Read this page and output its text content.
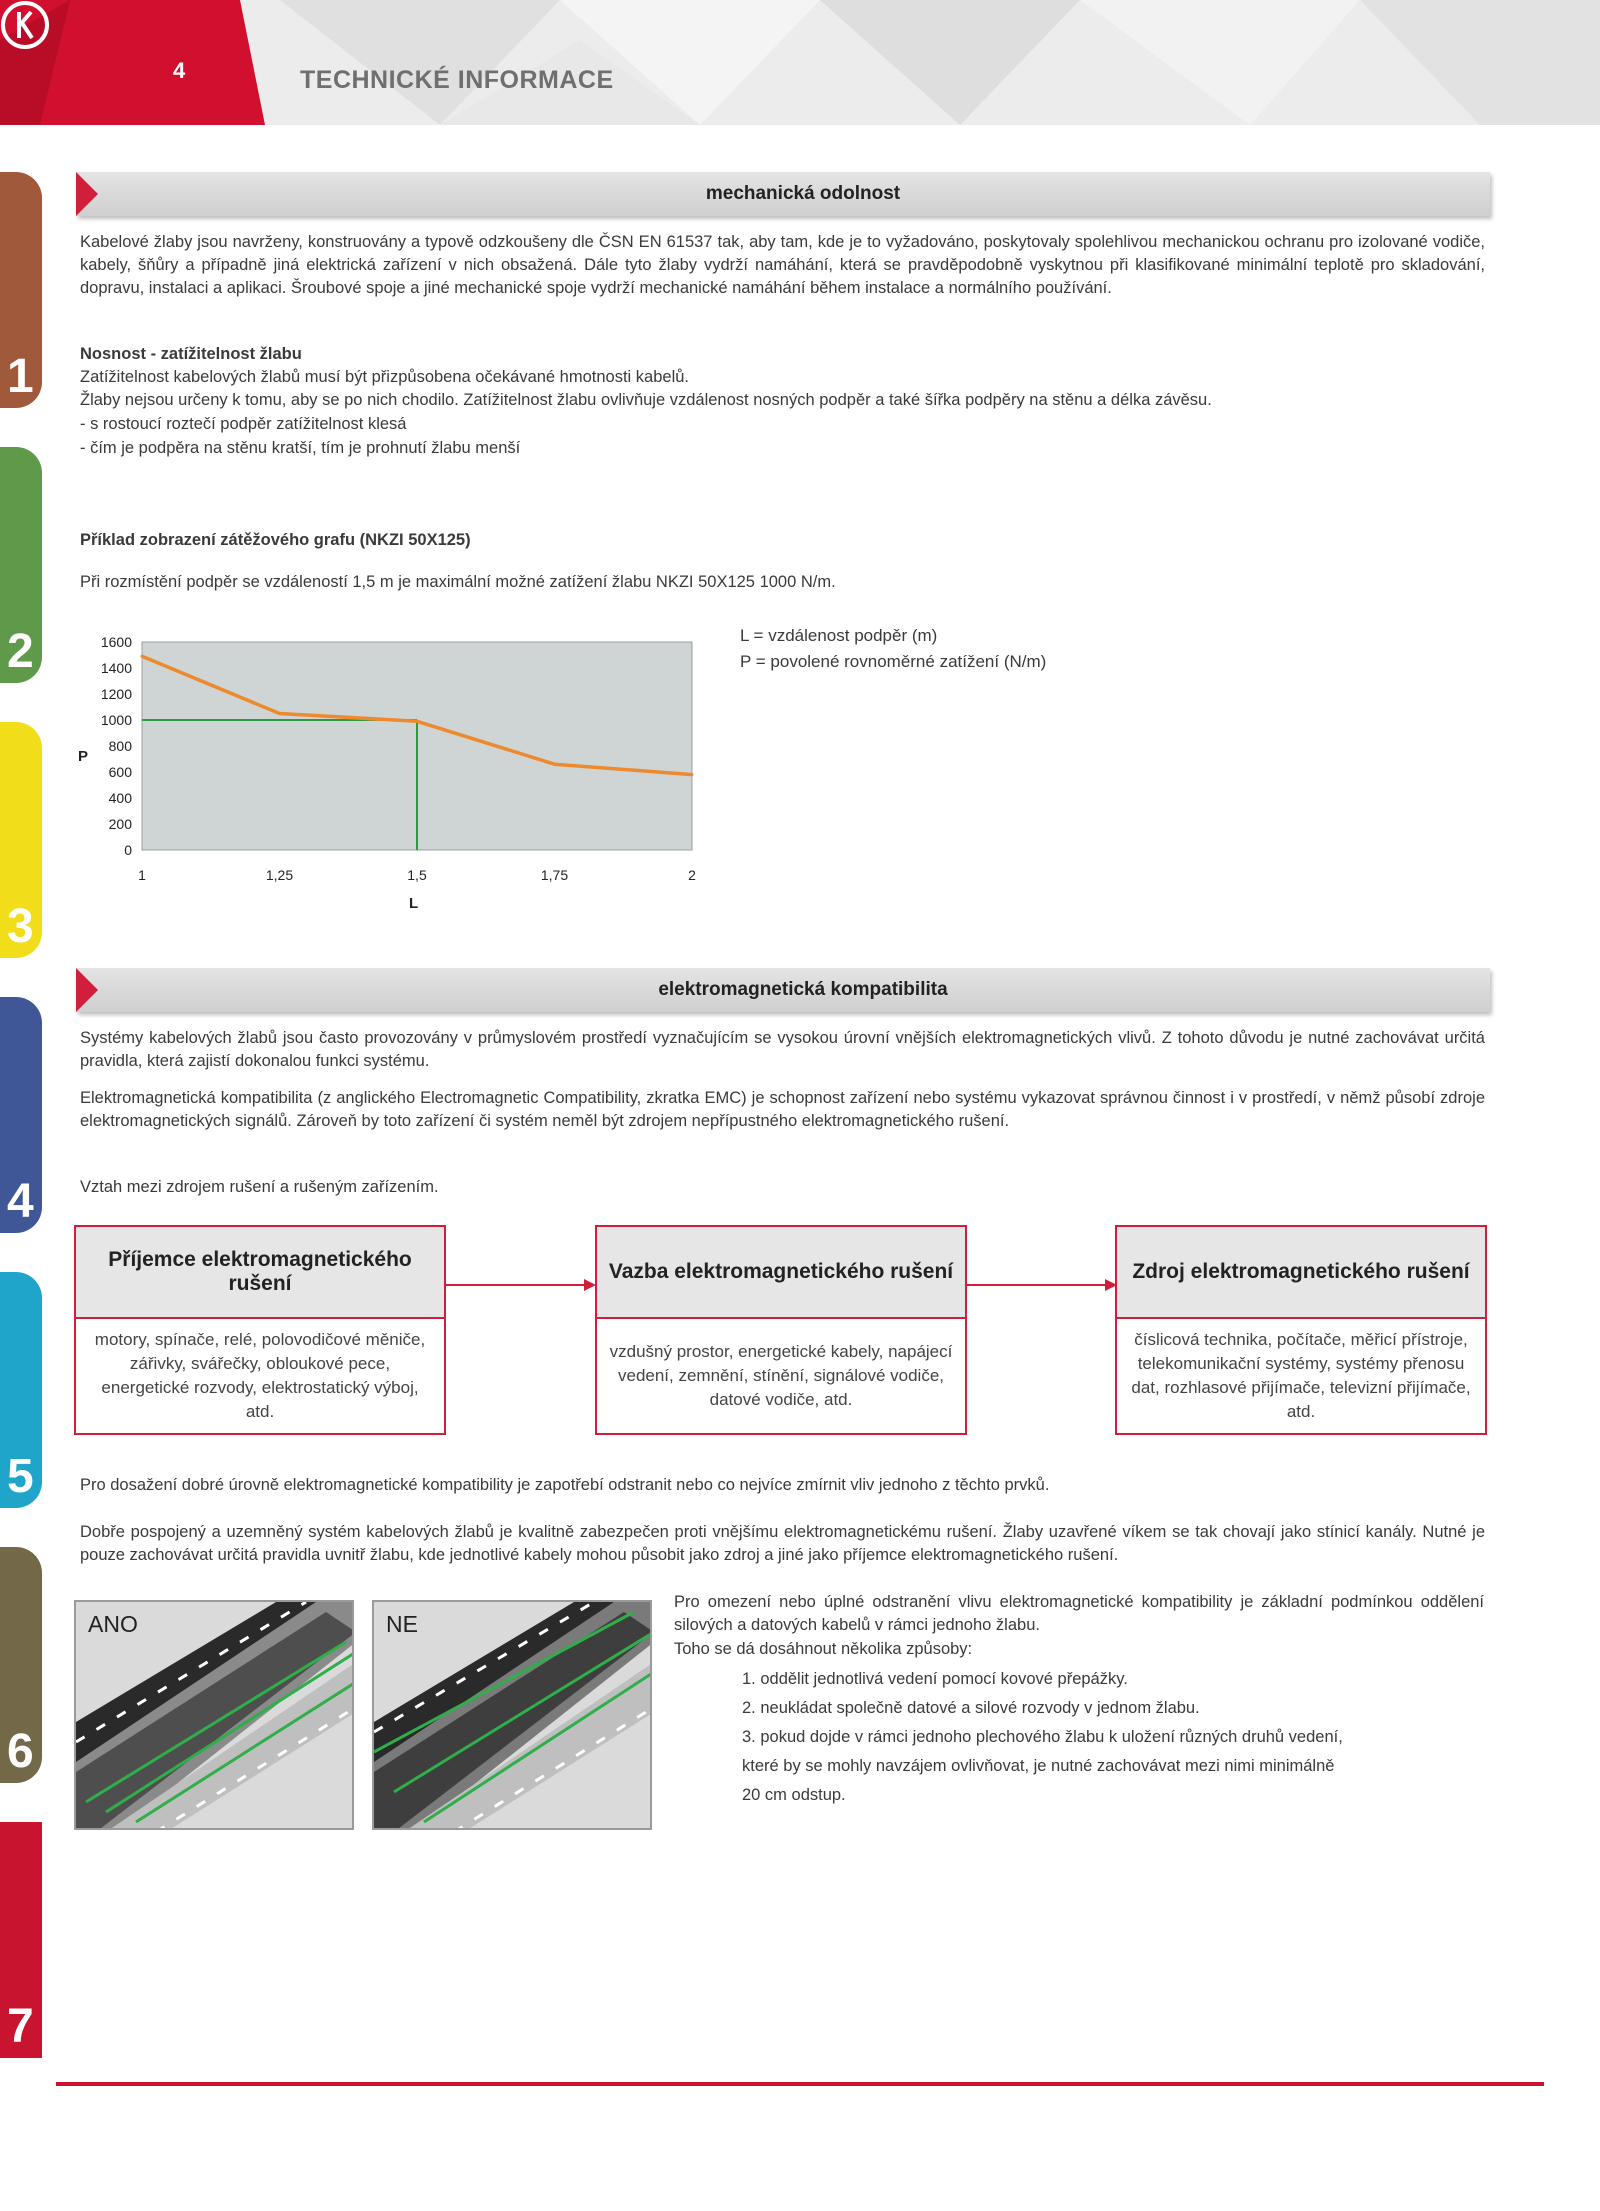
4	TECHNICKÉ INFORMACE
1
2
3
4
5
6
7
mechanická odolnost
Kabelové žlaby jsou navrženy, konstruovány a typově odzkoušeny dle ČSN EN 61537 tak, aby tam, kde je to vyžadováno, poskytovaly spolehlivou mechanickou ochranu pro izolované vodiče, kabely, šňůry a případně jiná elektrická zařízení v nich obsažená. Dále tyto žlaby vydrží namáhání, která se pravděpodobně vyskytnou při klasifikované minimální teplotě pro skladování, dopravu, instalaci a aplikaci. Šroubové spoje a jiné mechanické spoje vydrží mechanické namáhání během instalace a normálního používání.
Nosnost - zatížitelnost žlabu
Zatížitelnost kabelových žlabů musí být přizpůsobena očekávané hmotnosti kabelů.
Žlaby nejsou určeny k tomu, aby se po nich chodilo. Zatížitelnost žlabu ovlivňuje vzdálenost nosných podpěr a také šířka podpěry na stěnu a délka závěsu.
- s rostoucí roztečí podpěr zatížitelnost klesá
- čím je podpěra na stěnu kratší, tím je prohnutí žlabu menší
Příklad zobrazení zátěžového grafu (NKZI 50X125)
Při rozmístění podpěr se vzdáleností 1,5 m je maximální možné zatížení žlabu NKZI 50X125 1000 N/m.
0
200
400
600
800
1000
1200
1400
1600
1	1,25	1,5	1,75	2
P
L
L = vzdálenost podpěr (m)
P = povolené rovnoměrné zatížení (N/m)
elektromagnetická kompatibilita
Systémy kabelových žlabů jsou často provozovány v průmyslovém prostředí vyznačujícím se vysokou úrovní vnějších elektromagnetických vlivů. Z tohoto důvodu je nutné zachovávat určitá pravidla, která zajistí dokonalou funkci systému.
Elektromagnetická kompatibilita (z anglického Electromagnetic Compatibility, zkratka EMC) je schopnost zařízení nebo systému vykazovat správnou činnost i v prostředí, v němž působí zdroje elektromagnetických signálů. Zároveň by toto zařízení či systém neměl být zdrojem nepřípustného elektromagnetického rušení.
Vztah mezi zdrojem rušení a rušeným zařízením.
Příjemce elektromagnetického rušení
motory, spínače, relé, polovodičové měniče, zářivky, svářečky, obloukové pece, energetické rozvody, elektrostatický výboj, atd.
Vazba elektromagnetického rušení
vzdušný prostor, energetické kabely, napájecí vedení, zemnění, stínění, signálové vodiče, datové vodiče, atd.
Zdroj elektromagnetického rušení
číslicová technika, počítače, měřicí přístroje, telekomunikační systémy, systémy přenosu dat, rozhlasové přijímače, televizní přijímače, atd.
Pro dosažení dobré úrovně elektromagnetické kompatibility je zapotřebí odstranit nebo co nejvíce zmírnit vliv jednoho z těchto prvků.
Dobře pospojený a uzemněný systém kabelových žlabů je kvalitně zabezpečen proti vnějšímu elektromagnetickému rušení. Žlaby uzavřené víkem se tak chovají jako stínicí kanály. Nutné je pouze zachovávat určitá pravidla uvnitř žlabu, kde jednotlivé kabely mohou působit jako zdroj a jiné jako příjemce elektromagnetického rušení.
ANO	NE
Pro omezení nebo úplné odstranění vlivu elektromagnetické kompatibility je základní podmínkou oddělení silových a datových kabelů v rámci jednoho žlabu.
Toho se dá dosáhnout několika způsoby:
1. oddělit jednotlivá vedení pomocí kovové přepážky.
2. neukládat společně datové a silové rozvody v jednom žlabu.
3. pokud dojde v rámci jednoho plechového žlabu k uložení různých druhů vedení,
které by se mohly navzájem ovlivňovat, je nutné zachovávat mezi nimi minimálně
20 cm odstup.
